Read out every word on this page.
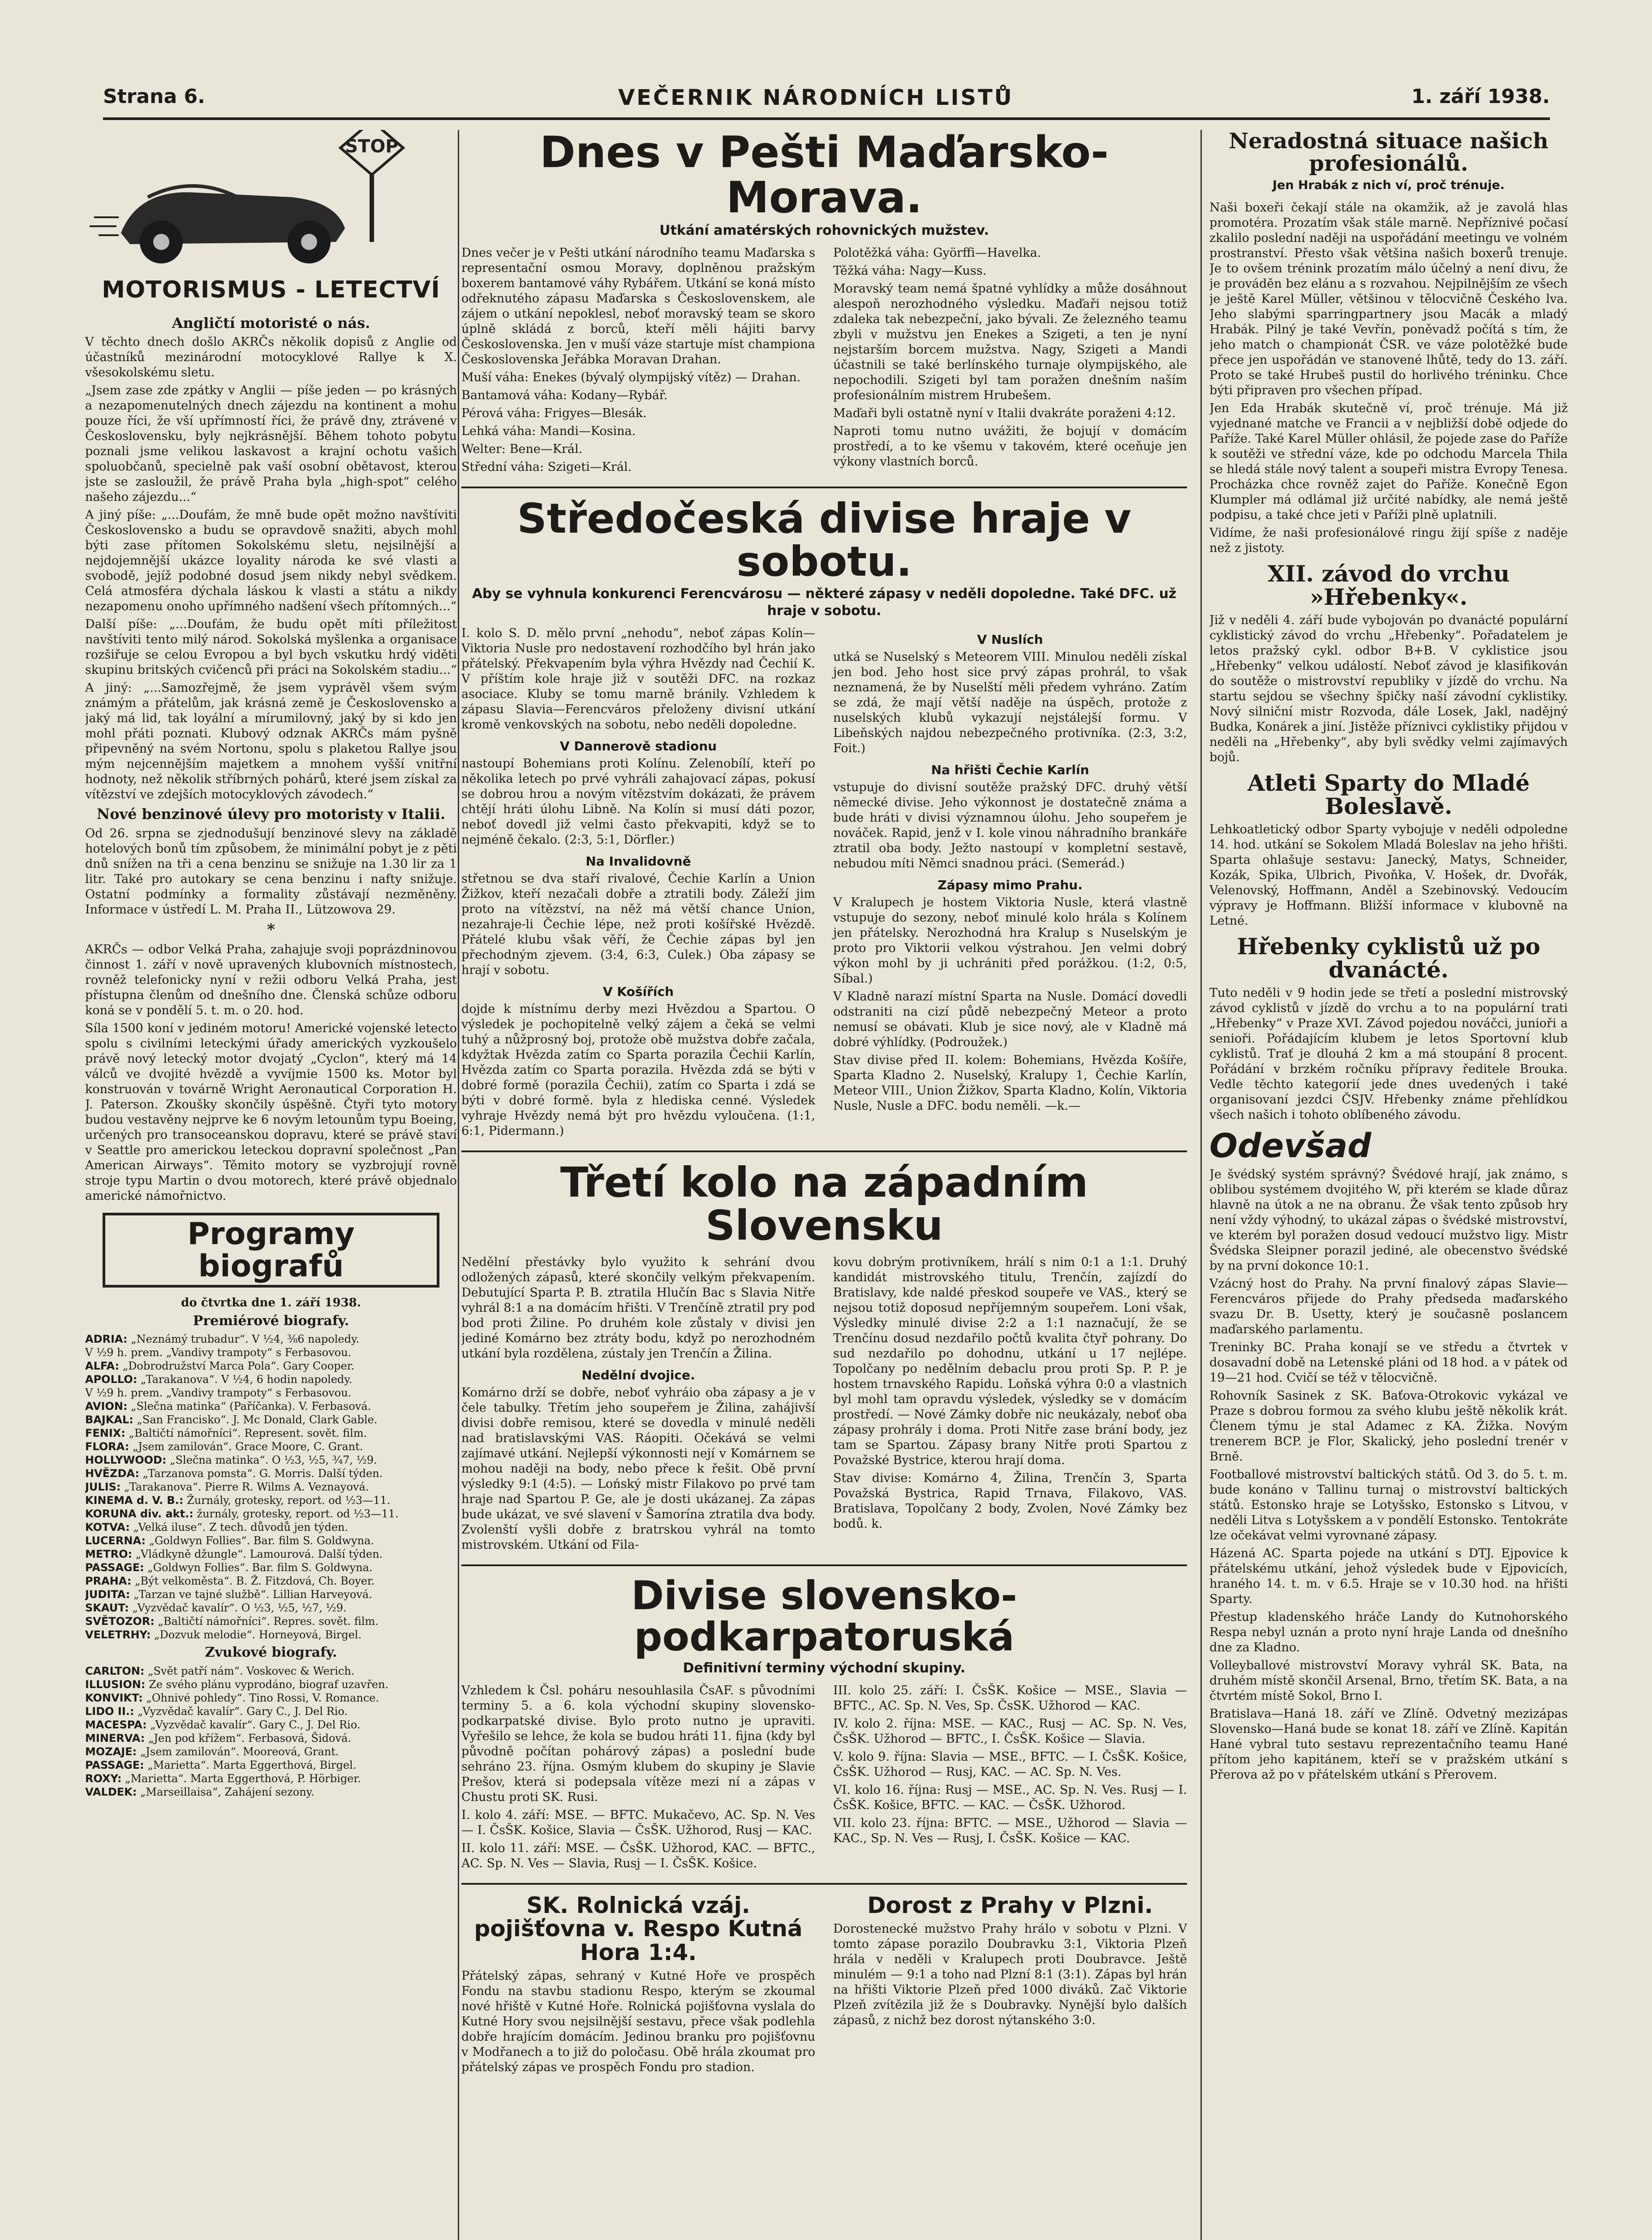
Strana 6.	VEČERNIK NÁRODNÍCH LISTŮ	1. září 1938.
STOP
MOTORISMUS - LETECTVÍ
Angličtí motoristé o nás.

V těchto dnech došlo AKRČs několik dopisů z Anglie od účastníků mezinárodní motocyklové Rallye k X. všesokolskému sletu.

„Jsem zase zde zpátky v Anglii — píše jeden — po krásných a nezapomenutelných dnech zájezdu na kontinent a mohu pouze říci, že vší upřímností říci, že právě dny, ztrávené v Československu, byly nejkrásnější. Během tohoto pobytu poznali jsme velikou laskavost a krajní ochotu vašich spoluobčanů, specielně pak vaší osobní obětavost, kterou jste se zasloužil, že právě Praha byla „high-spot“ celého našeho zájezdu...“

A jiný píše: „...Doufám, že mně bude opět možno navštíviti Československo a budu se opravdově snažiti, abych mohl býti zase přítomen Sokolskému sletu, nejsilnější a nejdojemnější ukázce loyality národa ke své vlasti a svobodě, jejíž podobné dosud jsem nikdy nebyl svědkem. Celá atmosféra dýchala láskou k vlasti a státu a nikdy nezapomenu onoho upřímného nadšení všech přítomných...“

Další píše: „...Doufám, že budu opět míti příležitost navštíviti tento milý národ. Sokolská myšlenka a organisace rozšiřuje se celou Evropou a byl bych vskutku hrdý viděti skupinu britských cvičenců při práci na Sokolském stadiu...“

A jiný: „...Samozřejmě, že jsem vyprávěl všem svým známým a přátelům, jak krásná země je Československo a jaký má lid, tak loyální a mírumilovný, jaký by si kdo jen mohl přáti poznati. Klubový odznak AKRČs mám pyšně připevněný na svém Nortonu, spolu s plaketou Rallye jsou mým nejcennějším majetkem a mnohem vyšší vnitřní hodnoty, než několik stříbrných pohárů, které jsem získal za vítězství ve zdejších motocyklových závodech.“

Nové benzinové úlevy pro motoristy v Italii.

Od 26. srpna se zjednodušují benzinové slevy na základě hotelových bonů tím způsobem, že minimální pobyt je z pěti dnů snížen na tři a cena benzinu se snižuje na 1.30 lir za 1 litr. Také pro autokary se cena benzinu i nafty snižuje. Ostatní podmínky a formality zůstávají nezměněny. Informace v ústředí L. M. Praha II., Lützowova 29.

*

AKRČs — odbor Velká Praha, zahajuje svoji poprázdninovou činnost 1. září v nově upravených klubovních místnostech, rovněž telefonicky nyní v režii odboru Velká Praha, jest přístupna členům od dnešního dne. Členská schůze odboru koná se v pondělí 5. t. m. o 20. hod.

Síla 1500 koní v jediném motoru! Americké vojenské letecto spolu s civilními leteckými úřady amerických vyzkoušelo právě nový letecký motor dvojatý „Cyclon“, který má 14 válců ve dvojité hvězdě a vyvíjmie 1500 ks. Motor byl konstruován v továrně Wright Aeronautical Corporation H. J. Paterson. Zkoušky skončily úspěšně. Čtyři tyto motory budou vestavěny nejprve ke 6 novým letounům typu Boeing, určených pro transoceanskou dopravu, které se právě staví v Seattle pro americkou leteckou dopravní společnost „Pan American Airways“. Těmito motory se vyzbrojují rovně stroje typu Martin o dvou motorech, které právě objednalo americké námořnictvo.

Programy biografů
do čtvrtka dne 1. září 1938.
Premiérové biografy.

ADRIA: „Neznámý trubadur“. V ½4, ⅜6 napoledy.

V ½9 h. prem. „Vandivy trampoty“ s Ferbasovou.

ALFA: „Dobrodružství Marca Pola“. Gary Cooper.

APOLLO: „Tarakanova“. V ½4, 6 hodin napoledy.

V ½9 h. prem. „Vandivy trampoty“ s Ferbasovou.

AVION: „Slečna matinka“ (Paříčanka). V. Ferbasová.

BAJKAL: „San Francisko“. J. Mc Donald, Clark Gable.

FENIX: „Baltičtí námořníci“. Represent. sovět. film.

FLORA: „Jsem zamilován“. Grace Moore, C. Grant.

HOLLYWOOD: „Slečna matinka“. O ½3, ½5, ¾7, ½9.

HVĚZDA: „Tarzanova pomsta“. G. Morris. Další týden.

JULIS: „Tarakanova“. Pierre R. Wilms A. Veznayová.

KINEMA d. V. B.: Žurnály, grotesky, report. od ½3—11.

KORUNA div. akt.: žurnály, grotesky, report. od ½3—11.

KOTVA: „Velká iluse“. Z tech. důvodů jen týden.

LUCERNA: „Goldwyn Follies“. Bar. film S. Goldwyna.

METRO: „Vládkyně džungle“. Lamourová. Další týden.

PASSAGE: „Goldwyn Follies“. Bar. film S. Goldwyna.

PRAHA: „Být velkoměsta“. B. Ž. Fitzdová, Ch. Boyer.

JUDITA: „Tarzan ve tajné službě“. Lillian Harveyová.

SKAUT: „Vyzvědač kavalír“. O ½3, ½5, ½7, ½9.

SVĚTOZOR: „Baltičtí námořníci“. Repres. sovět. film.

VELETRHY: „Dozvuk melodie“. Horneyová, Birgel.

Zvukové biografy.

CARLTON: „Svět patří nám“. Voskovec & Werich.

ILLUSION: Ze svého plánu vyprodáno, biograf uzavřen.

KONVIKT: „Ohnivé pohledy“. Tino Rossi, V. Romance.

LIDO II.: „Vyzvědač kavalír“. Gary C., J. Del Rio.

MACESPA: „Vyzvědač kavalír“. Gary C., J. Del Rio.

MINERVA: „Jen pod křížem“. Ferbasová, Šidová.

MOZAJE: „Jsem zamilován“. Mooreová, Grant.

PASSAGE: „Marietta“. Marta Eggerthová, Birgel.

ROXY: „Marietta“. Marta Eggerthová, P. Hörbiger.

VALDEK: „Marseillaisa“, Zahájení sezony.

Dnes v Pešti Maďarsko-Morava.
Utkání amatérských rohovnických mužstev.

Dnes večer je v Pešti utkání národního teamu Maďarska s representační osmou Moravy, doplněnou pražským boxerem bantamové váhy Rybářem. Utkání se koná místo odřeknutého zápasu Maďarska s Československem, ale zájem o utkání nepoklesl, neboť moravský team se skoro úplně skládá z borců, kteří měli hájiti barvy Československa. Jen v muší váze startuje míst championa Československa Jeřábka Moravan Drahan.

Muší váha: Enekes (bývalý olympijský vítěz) — Drahan.

Bantamová váha: Kodany—Rybář.

Pérová váha: Frigyes—Blesák.

Lehká váha: Mandi—Kosina.

Welter: Bene—Král.

Střední váha: Szigeti—Král.

Polotěžká váha: Györffi—Havelka.

Těžká váha: Nagy—Kuss.

Moravský team nemá špatné vyhlídky a může dosáhnout alespoň nerozhodného výsledku. Maďaři nejsou totiž zdaleka tak nebezpeční, jako bývali. Ze železného teamu zbyli v mužstvu jen Enekes a Szigeti, a ten je nyní nejstarším borcem mužstva. Nagy, Szigeti a Mandi účastnili se také berlínského turnaje olympijského, ale nepochodili. Szigeti byl tam poražen dnešním naším profesionálním mistrem Hrubešem.

Maďaři byli ostatně nyní v Italii dvakráte poraženi 4:12.

Naproti tomu nutno uvážiti, že bojují v domácím prostředí, a to ke všemu v takovém, které oceňuje jen výkony vlastních borců.

Středočeská divise hraje v sobotu.
Aby se vyhnula konkurenci Ferencvárosu — některé zápasy v neděli dopoledne. Také DFC. už hraje v sobotu.

I. kolo S. D. mělo první „nehodu“, neboť zápas Kolín—Viktoria Nusle pro nedostavení rozhodčího byl hrán jako přátelský. Překvapením byla výhra Hvězdy nad Čechií K. V příštím kole hraje již v soutěži DFC. na rozkaz asociace. Kluby se tomu marně bránily. Vzhledem k zápasu Slavia—Ferencváros přeloženy divisní utkání kromě venkovských na sobotu, nebo neděli dopoledne.

V Dannerově stadionu

nastoupí Bohemians proti Kolínu. Zelenobílí, kteří po několika letech po prvé vyhráli zahajovací zápas, pokusí se dobrou hrou a novým vítězstvím dokázati, že právem chtějí hráti úlohu Libně. Na Kolín si musí dáti pozor, neboť dovedl již velmi často překvapiti, když se to nejméně čekalo. (2:3, 5:1, Dörfler.)

Na Invalidovně

střetnou se dva staří rivalové, Čechie Karlín a Union Žižkov, kteří nezačali dobře a ztratili body. Záleží jim proto na vítězství, na něž má větší chance Union, nezahraje-li Čechie lépe, než proti košířské Hvězdě. Přátelé klubu však věří, že Čechie zápas byl jen přechodným zjevem. (3:4, 6:3, Culek.) Oba zápasy se hrají v sobotu.

V Košířích

dojde k místnímu derby mezi Hvězdou a Spartou. O výsledek je pochopitelně velký zájem a čeká se velmi tuhý a nůžprosný boj, protože obě mužstva dobře začala, kdyžtak Hvězda zatím co Sparta porazila Čechii Karlín, Hvězda zatím co Sparta porazila. Hvězda zdá se býti v dobré formě (porazila Čechii), zatím co Sparta i zdá se býti v dobré formě. byla z hlediska cenné. Výsledek vyhraje Hvězdy nemá být pro hvězdu vyloučena. (1:1, 6:1, Pidermann.)

V Nuslích

utká se Nuselský s Meteorem VIII. Minulou neděli získal jen bod. Jeho host sice prvý zápas prohrál, to však neznamená, že by Nuselští měli předem vyhráno. Zatím se zdá, že mají větší naděje na úspěch, protože z nuselských klubů vykazují nejstálejší formu. V Libeňských najdou nebezpečného protivníka. (2:3, 3:2, Foit.)

Na hřišti Čechie Karlín

vstupuje do divisní soutěže pražský DFC. druhý větší německé divise. Jeho výkonnost je dostatečně známa a bude hráti v divisi významnou úlohu. Jeho soupeřem je nováček. Rapid, jenž v I. kole vinou náhradního brankáře ztratil oba body. Ježto nastoupí v kompletní sestavě, nebudou míti Němci snadnou práci. (Semerád.)

Zápasy mimo Prahu.

V Kralupech je hostem Viktoria Nusle, která vlastně vstupuje do sezony, neboť minulé kolo hrála s Kolínem jen přátelsky. Nerozhodná hra Kralup s Nuselským je proto pro Viktorii velkou výstrahou. Jen velmi dobrý výkon mohl by ji uchrániti před porážkou. (1:2, 0:5, Síbal.)

V Kladně narazí místní Sparta na Nusle. Domácí dovedli odstraniti na cizí půdě nebezpečný Meteor a proto nemusí se obávati. Klub je sice nový, ale v Kladně má dobré výhlídky. (Podroužek.)

Stav divise před II. kolem: Bohemians, Hvězda Košíře, Sparta Kladno 2. Nuselský, Kralupy 1, Čechie Karlín, Meteor VIII., Union Žižkov, Sparta Kladno, Kolín, Viktoria Nusle, Nusle a DFC. bodu neměli. —k.—

Třetí kolo na západním Slovensku

Nedělní přestávky bylo využito k sehrání dvou odložených zápasů, které skončily velkým překvapením. Debutující Sparta P. B. ztratila Hlučín Bac s Slavia Nitře vyhrál 8:1 a na domácím hřišti. V Trenčíně ztratil pry pod bod proti Žiline. Po druhém kole zůstaly v divisi jen jediné Komárno bez ztráty bodu, když po nerozhodném utkání byla rozdělena, zústaly jen Trenčín a Žilina.

Nedělní dvojice.

Komárno drží se dobře, neboť vyhráio oba zápasy a je v čele tabulky. Třetím jeho soupeřem je Žilina, zahájivší divisi dobře remisou, které se dovedla v minulé neděli nad bratislavskými VAS. Ráopiti. Očekává se velmi zajímavé utkání. Nejlepší výkonnosti nejí v Komárnem se mohou naději na body, nebo přece k řešit. Obě první výsledky 9:1 (4:5). — Lońský mistr Filakovo po prvé tam hraje nad Spartou P. Ge, ale je dosti ukázanej. Za zápas bude ukázat, ve své slavení v Šamorína ztratila dva body. Zvolenští vyšli dobře z bratrskou vyhrál na tomto mistrovském. Utkání od Fila-

kovu dobrým protivníkem, hrálí s nim 0:1 a 1:1. Druhý kandidát mistrovského titulu, Trenčín, zajízdí do Bratislavy, kde naldé přeskod soupeře ve VAS., který se nejsou totiž doposud nepříjemným soupeřem. Loni však, Výsledky minulé divise 2:2 a 1:1 naznačují, že se Trenčínu dosud nezdařilo počtů kvalita čtyř pohrany. Do sud nezdařilo po dohodnu, utkání u 17 nejlépe. Topolčany po nedělním debaclu prou proti Sp. P. P. je hostem trnavského Rapidu. Loňská výhra 0:0 a vlastnich byl mohl tam opravdu výsledek, výsledky se v domácím prostředí. — Nové Zámky dobře nic neukázaly, neboť oba zápasy prohrály i doma. Proti Nitře zase brání body, jez tam se Spartou. Zápasy brany Nitře proti Spartou z Považské Bystrice, kterou hrají doma.

Stav divise: Komárno 4, Žilina, Trenčín 3, Sparta Považská Bystrica, Rapid Trnava, Filakovo, VAS. Bratislava, Topolčany 2 body, Zvolen, Nové Zámky bez bodů. k.

Divise slovensko-podkarpatoruská
Definitivní terminy východní skupiny.

Vzhledem k Čsl. poháru nesouhlasila ČsAF. s původními terminy 5. a 6. kola východní skupiny slovensko-podkarpatské divise. Bylo proto nutno je upraviti. Vyřešilo se lehce, že kola se budou hráti 11. fijna (kdy byl původně počítan pohárový zápas) a poslední bude sehráno 23. října. Osmým klubem do skupiny je Slavie Prešov, která si podepsala vítěze mezi ní a zápas v Chustu proti SK. Rusi.

I. kolo 4. září: MSE. — BFTC. Mukačevo, AC. Sp. N. Ves — I. ČsŠK. Košice, Slavia — ČsŠK. Užhorod, Rusj — KAC.

II. kolo 11. září: MSE. — ČsŠK. Užhorod, KAC. — BFTC., AC. Sp. N. Ves — Slavia, Rusj — I. ČsŠK. Košice.

III. kolo 25. září: I. ČsŠK. Košice — MSE., Slavia — BFTC., AC. Sp. N. Ves, Sp. ČsSK. Užhorod — KAC.

IV. kolo 2. října: MSE. — KAC., Rusj — AC. Sp. N. Ves, ČsŠK. Užhorod — BFTC., I. ČsŠK. Košice — Slavia.

V. kolo 9. října: Slavia — MSE., BFTC. — I. ČsŠK. Košice, ČsŠK. Užhorod — Rusj, KAC. — AC. Sp. N. Ves.

VI. kolo 16. října: Rusj — MSE., AC. Sp. N. Ves. Rusj — I. ČsŠK. Košice, BFTC. — KAC. — ČsŠK. Užhorod.

VII. kolo 23. října: BFTC. — MSE., Užhorod — Slavia — KAC., Sp. N. Ves — Rusj, I. ČsŠK. Košice — KAC.

SK. Rolnická vzáj. pojišťovna v. Respo Kutná Hora 1:4.

Přátelský zápas, sehraný v Kutné Hoře ve prospěch Fondu na stavbu stadionu Respo, kterým se zkoumal nové hřiště v Kutné Hoře. Rolnická pojišťovna vyslala do Kutné Hory svou nejsilnější sestavu, přece však podlehla dobře hrajícím domácím. Jedinou branku pro pojišťovnu v Modřanech a to již do poločasu. Obě hrála zkoumat pro přátelský zápas ve prospěch Fondu pro stadion.

Dorost z Prahy v Plzni.

Dorostenecké mužstvo Prahy hrálo v sobotu v Plzni. V tomto zápase porazilo Doubravku 3:1, Viktoria Plzeň hrála v neděli v Kralupech proti Doubravce. Ještě minulém — 9:1 a toho nad Plzní 8:1 (3:1). Zápas byl hrán na hřišti Viktorie Plzeň před 1000 diváků. Zač Viktorie Plzeň zvítězila již že s Doubravky. Nynější bylo dalších zápasů, z nichž bez dorost nýtanského 3:0.

Neradostná situace našich profesionálů.
Jen Hrabák z nich ví, proč trénuje.

Naši boxeři čekají stále na okamžik, až je zavolá hlas promotéra. Prozatím však stále marně. Nepříznivé počasí zkalilo poslední naději na uspořádání meetingu ve volném prostranství. Přesto však většina našich boxerů trenuje. Je to ovšem trénink prozatím málo účelný a není divu, že je prováděn bez elánu a s rozvahou. Nejpilnějším ze všech je ještě Karel Müller, většinou v tělocvičně Českého lva. Jeho slabými sparringpartnery jsou Macák a mladý Hrabák. Pilný je také Vevřín, poněvadž počítá s tím, že jeho match o championát ČSR. ve váze polotěžké bude přece jen uspořádán ve stanovené lhůtě, tedy do 13. září. Proto se také Hrubeš pustil do horlivého tréninku. Chce býti připraven pro všechen případ.

Jen Eda Hrabák skutečně ví, proč trénuje. Má již vyjednané matche ve Francii a v nejbližší době odjede do Paříže. Také Karel Müller ohlásil, že pojede zase do Paříže k soutěži ve střední váze, kde po odchodu Marcela Thila se hledá stále nový talent a soupeři mistra Evropy Tenesa. Procházka chce rovněž zajet do Paříže. Konečně Egon Klumpler má odlámal již určité nabídky, ale nemá ještě podpisu, a také chce jeti v Paříži plně uplatnili.

Vidíme, že naši profesionálové ringu žijí spíše z naděje než z jistoty.

XII. závod do vrchu »Hřebenky«.

Již v neděli 4. září bude vybojován po dvanácté populární cyklistický závod do vrchu „Hřebenky“. Pořadatelem je letos pražský cykl. odbor B+B. V cyklistice jsou „Hřebenky“ velkou událostí. Neboť závod je klasifikován do soutěže o mistrovství republiky v jízdě do vrchu. Na startu sejdou se všechny špičky naší závodní cyklistiky. Nový silniční mistr Rozvoda, dále Losek, Jakl, nadějný Budka, Konárek a jiní. Jistěže příznivci cyklistiky přijdou v neděli na „Hřebenky“, aby byli svědky velmi zajímavých bojů.

Atleti Sparty do Mladé Boleslavě.

Lehkoatletický odbor Sparty vybojuje v neděli odpoledne 14. hod. utkání se Sokolem Mladá Boleslav na jeho hřišti. Sparta ohlašuje sestavu: Janecký, Matys, Schneider, Kozák, Spika, Ulbrich, Pivoňka, V. Hošek, dr. Dvořák, Velenovský, Hoffmann, Anděl a Szebinovský. Vedoucím výpravy je Hoffmann. Bližší informace v klubovně na Letné.

Hřebenky cyklistů už po dvanácté.

Tuto neděli v 9 hodin jede se třetí a poslední mistrovský závod cyklistů v jízdě do vrchu a to na populární trati „Hřebenky“ v Praze XVI. Závod pojedou nováčci, junioři a senioři. Pořádajícím klubem je letos Sportovní klub cyklistů. Trať je dlouhá 2 km a má stoupání 8 procent. Pořádání v brzkém ročníku přípravy ředitele Brouka. Vedle těchto kategorií jede dnes uvedených i také organisovaní jezdci ČSJV. Hřebenky známe přehlídkou všech našich i tohoto oblíbeného závodu.

Odevšad

Je švédský systém správný? Švédové hrají, jak známo, s oblibou systémem dvojitého W, při kterém se klade důraz hlavně na útok a ne na obranu. Že však tento způsob hry není vždy výhodný, to ukázal zápas o švédské mistrovství, ve kterém byl poražen dosud vedoucí mužstvo ligy. Mistr Švédska Sleipner porazil jediné, ale obecenstvo švédské by na první dokonce 10:1.

Vzácný host do Prahy. Na první finalový zápas Slavie—Ferencváros přijede do Prahy předseda maďarského svazu Dr. B. Usetty, který je současně poslancem maďarského parlamentu.

Treninky BC. Praha konají se ve středu a čtvrtek v dosavadní době na Letenské pláni od 18 hod. a v pátek od 19—21 hod. Cvičí se též v tělocvičně.

Rohovník Sasinek z SK. Baťova-Otrokovic vykázal ve Praze s dobrou formou za svého klubu ještě několik krát. Členem týmu je stal Adamec z KA. Žižka. Novým trenerem BCP. je Flor, Skalický, jeho poslední trenér v Brně.

Footballové mistrovství baltických států. Od 3. do 5. t. m. bude konáno v Tallinu turnaj o mistrovství baltických států. Estonsko hraje se Lotyšsko, Estonsko s Litvou, v neděli Litva s Lotyšskem a v pondělí Estonsko. Tentokráte lze očekávat velmi vyrovnané zápasy.

Házená AC. Sparta pojede na utkání s DTJ. Ejpovice k přátelskému utkání, jehož výsledek bude v Ejpovicích, hraného 14. t. m. v 6.5. Hraje se v 10.30 hod. na hřišti Sparty.

Přestup kladenského hráče Landy do Kutnohorského Respa nebyl uznán a proto nyní hraje Landa od dnešního dne za Kladno.

Volleyballové mistrovství Moravy vyhrál SK. Bata, na druhém místě skončil Arsenal, Brno, třetím SK. Bata, a na čtvrtém místě Sokol, Brno I.

Bratislava—Haná 18. září ve Zlíně. Odvetný mezizápas Slovensko—Haná bude se konat 18. září ve Zlíně. Kapitán Hané vybral tuto sestavu reprezentačního teamu Hané přítom jeho kapitánem, kteří se v pražském utkání s Přerova až po v přátelském utkání s Přerovem.
